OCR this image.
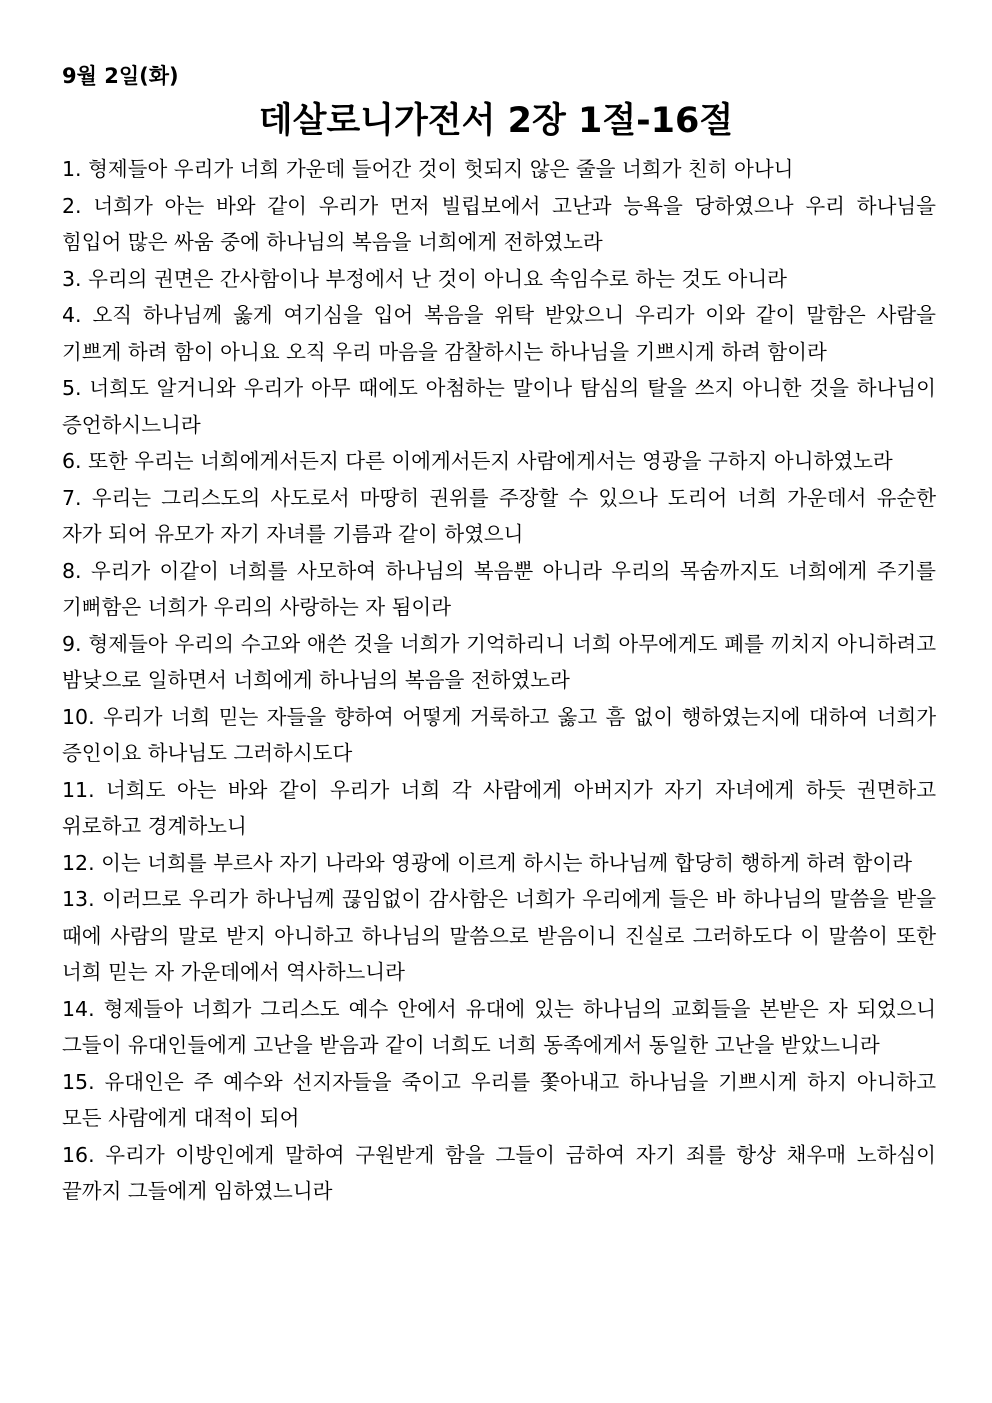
9월 2일(화)
데살로니가전서 2장 1절-16절
1. 형제들아 우리가 너희 가운데 들어간 것이 헛되지 않은 줄을 너희가 친히 아나니
2. 너희가 아는 바와 같이 우리가 먼저 빌립보에서 고난과 능욕을 당하였으나 우리 하나님을 힘입어 많은 싸움 중에 하나님의 복음을 너희에게 전하였노라
3. 우리의 권면은 간사함이나 부정에서 난 것이 아니요 속임수로 하는 것도 아니라
4. 오직 하나님께 옳게 여기심을 입어 복음을 위탁 받았으니 우리가 이와 같이 말함은 사람을 기쁘게 하려 함이 아니요 오직 우리 마음을 감찰하시는 하나님을 기쁘시게 하려 함이라
5. 너희도 알거니와 우리가 아무 때에도 아첨하는 말이나 탐심의 탈을 쓰지 아니한 것을 하나님이 증언하시느니라
6. 또한 우리는 너희에게서든지 다른 이에게서든지 사람에게서는 영광을 구하지 아니하였노라
7. 우리는 그리스도의 사도로서 마땅히 권위를 주장할 수 있으나 도리어 너희 가운데서 유순한 자가 되어 유모가 자기 자녀를 기름과 같이 하였으니
8. 우리가 이같이 너희를 사모하여 하나님의 복음뿐 아니라 우리의 목숨까지도 너희에게 주기를 기뻐함은 너희가 우리의 사랑하는 자 됨이라
9. 형제들아 우리의 수고와 애쓴 것을 너희가 기억하리니 너희 아무에게도 폐를 끼치지 아니하려고 밤낮으로 일하면서 너희에게 하나님의 복음을 전하였노라
10. 우리가 너희 믿는 자들을 향하여 어떻게 거룩하고 옳고 흠 없이 행하였는지에 대하여 너희가 증인이요 하나님도 그러하시도다
11. 너희도 아는 바와 같이 우리가 너희 각 사람에게 아버지가 자기 자녀에게 하듯 권면하고 위로하고 경계하노니
12. 이는 너희를 부르사 자기 나라와 영광에 이르게 하시는 하나님께 합당히 행하게 하려 함이라
13. 이러므로 우리가 하나님께 끊임없이 감사함은 너희가 우리에게 들은 바 하나님의 말씀을 받을 때에 사람의 말로 받지 아니하고 하나님의 말씀으로 받음이니 진실로 그러하도다 이 말씀이 또한 너희 믿는 자 가운데에서 역사하느니라
14. 형제들아 너희가 그리스도 예수 안에서 유대에 있는 하나님의 교회들을 본받은 자 되었으니 그들이 유대인들에게 고난을 받음과 같이 너희도 너희 동족에게서 동일한 고난을 받았느니라
15. 유대인은 주 예수와 선지자들을 죽이고 우리를 쫓아내고 하나님을 기쁘시게 하지 아니하고 모든 사람에게 대적이 되어
16. 우리가 이방인에게 말하여 구원받게 함을 그들이 금하여 자기 죄를 항상 채우매 노하심이 끝까지 그들에게 임하였느니라
